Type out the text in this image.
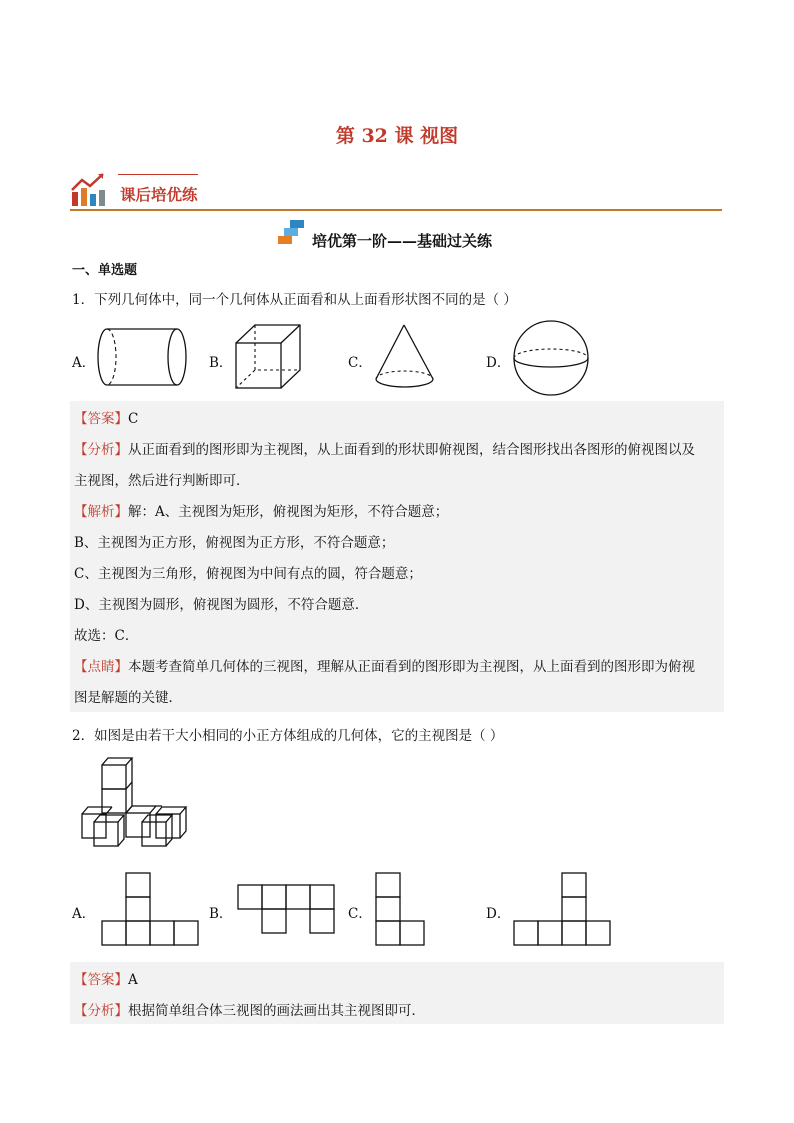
第 32 课 视图
课后培优练
培优第一阶——基础过关练
一、单选题
1．下列几何体中，同一个几何体从正面看和从上面看形状图不同的是（ ）
A．	B．	C．	D．
【答案】C
【分析】从正面看到的图形即为主视图，从上面看到的形状即俯视图，结合图形找出各图形的俯视图以及
主视图，然后进行判断即可．
【解析】解：A、主视图为矩形，俯视图为矩形，不符合题意；
B、主视图为正方形，俯视图为正方形，不符合题意；
C、主视图为三角形，俯视图为中间有点的圆，符合题意；
D、主视图为圆形，俯视图为圆形，不符合题意．
故选：C．
【点睛】本题考查简单几何体的三视图，理解从正面看到的图形即为主视图，从上面看到的图形即为俯视
图是解题的关键．
2．如图是由若干大小相同的小正方体组成的几何体，它的主视图是（ ）
A．	B．	C．	D．
【答案】A
【分析】根据简单组合体三视图的画法画出其主视图即可．
